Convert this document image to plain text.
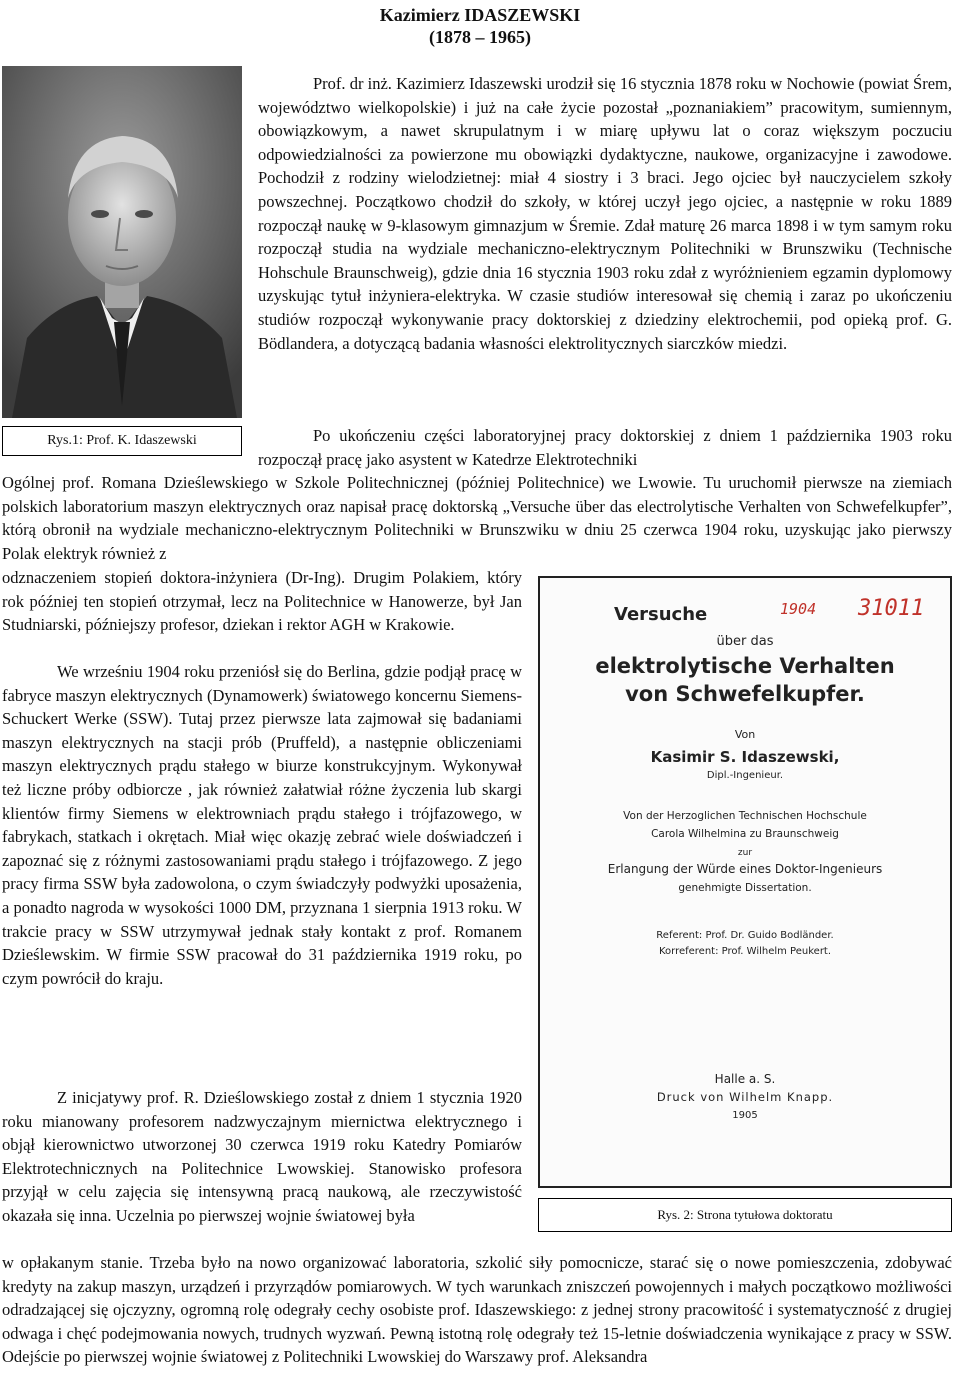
Kazimierz IDASZEWSKI
(1878 – 1965)
Rys.1: Prof. K. Idaszewski

Prof. dr inż. Kazimierz Idaszewski urodził się 16 stycznia 1878 roku w Nochowie (powiat Śrem, województwo wielkopolskie) i już na całe życie pozostał „poznaniakiem” pracowitym, sumiennym, obowiązkowym, a nawet skrupulatnym i w miarę upływu lat o coraz większym poczuciu odpowiedzialności za powierzone mu obowiązki dydaktyczne, naukowe, organizacyjne i zawodowe. Pochodził z rodziny wielodzietnej: miał 4 siostry i 3 braci. Jego ojciec był nauczycielem szkoły powszechnej. Początkowo chodził do szkoły, w której uczył jego ojciec, a następnie w roku 1889 rozpoczął naukę w 9-klasowym gimnazjum w Śremie. Zdał maturę 26 marca 1898 i w tym samym roku rozpoczął studia na wydziale mechaniczno-elektrycznym Politechniki w Brunszwiku (Technische Hohschule Braunschweig), gdzie dnia 16 stycznia 1903 roku zdał z wyróżnieniem egzamin dyplomowy uzyskując tytuł inżyniera-elektryka. W czasie studiów interesował się chemią i zaraz po ukończeniu studiów rozpoczął wykonywanie pracy doktorskiej z dziedziny elektrochemii, pod opieką prof. G. Bödlandera, a dotyczącą badania własności elektrolitycznych siarczków miedzi.

Po ukończeniu części laboratoryjnej pracy doktorskiej z dniem 1 października 1903 roku rozpoczął pracę jako asystent w Katedrze Elektrotechniki

Ogólnej prof. Romana Dzieślewskiego w Szkole Politechnicznej (później Politechnice) we Lwowie. Tu uruchomił pierwsze na ziemiach polskich laboratorium maszyn elektrycznych oraz napisał pracę doktorską „Versuche über das electrolytische Verhalten von Schwefelkupfer”, którą obronił na wydziale mechaniczno-elektrycznym Politechniki w Brunszwiku w dniu 25 czerwca 1904 roku, uzyskując jako pierwszy Polak elektryk również z

odznaczeniem stopień doktora-inżyniera (Dr-Ing). Drugim Polakiem, który rok później ten stopień otrzymał, lecz na Politechnice w Hanowerze, był Jan Studniarski, późniejszy profesor, dziekan i rektor AGH w Krakowie.

We wrześniu 1904 roku przeniósł się do Berlina, gdzie podjął pracę w fabryce maszyn elektrycznych (Dynamowerk) światowego koncernu Siemens-Schuckert Werke (SSW). Tutaj przez pierwsze lata zajmował się badaniami maszyn elektrycznych na stacji prób (Pruffeld), a następnie obliczeniami maszyn elektrycznych prądu stałego w biurze konstrukcyjnym. Wykonywał też liczne próby odbiorcze , jak również załatwiał różne życzenia lub skargi klientów firmy Siemens w elektrowniach prądu stałego i trójfazowego, w fabrykach, statkach i okrętach. Miał więc okazję zebrać wiele doświadczeń i zapoznać się z różnymi zastosowaniami prądu stałego i trójfazowego. Z jego pracy firma SSW była zadowolona, o czym świadczyły podwyżki uposażenia, a ponadto nagroda w wysokości 1000 DM, przyznana 1 sierpnia 1913 roku. W trakcie pracy w SSW utrzymywał jednak stały kontakt z prof. Romanem Dzieślewskim. W firmie SSW pracował do 31 października 1919 roku, po czym powrócił do kraju.

Z inicjatywy prof. R. Dzieślowskiego został z dniem 1 stycznia 1920 roku mianowany profesorem nadzwyczajnym miernictwa elektrycznego i objął kierownictwo utworzonej 30 czerwca 1919 roku Katedry Pomiarów Elektrotechnicznych na Politechnice Lwowskiej. Stanowisko profesora przyjął w celu zajęcia się intensywną pracą naukową, ale rzeczywistość okazała się inna. Uczelnia po pierwszej wojnie światowej była

w opłakanym stanie. Trzeba było na nowo organizować laboratoria, szkolić siły pomocnicze, starać się o nowe pomieszczenia, zdobywać kredyty na zakup maszyn, urządzeń i przyrządów pomiarowych. W tych warunkach zniszczeń powojennych i małych początkowo możliwości odradzającej się ojczyzny, ogromną rolę odegrały cechy osobiste prof. Idaszewskiego: z jednej strony pracowitość i systematyczność z drugiej odwaga i chęć podejmowania nowych, trudnych wyzwań. Pewną istotną rolę odegrały też 15-letnie doświadczenia wynikające z pracy w SSW. Odejście po pierwszej wojnie światowej z Politechniki Lwowskiej do Warszawy prof. Aleksandra

Versuche	1904 31011
über das
elektrolytische Verhalten
von Schwefelkupfer.
Von
Kasimir S. Idaszewski,
Dipl.-Ingenieur.
Von der Herzoglichen Technischen Hochschule
Carola Wilhelmina zu Braunschweig
zur
Erlangung der Würde eines Doktor-Ingenieurs
genehmigte Dissertation.
Referent: Prof. Dr. Guido Bodländer.
Korreferent: Prof. Wilhelm Peukert.
Halle a. S.
Druck von Wilhelm Knapp.
1905
Rys. 2: Strona tytułowa doktoratu
